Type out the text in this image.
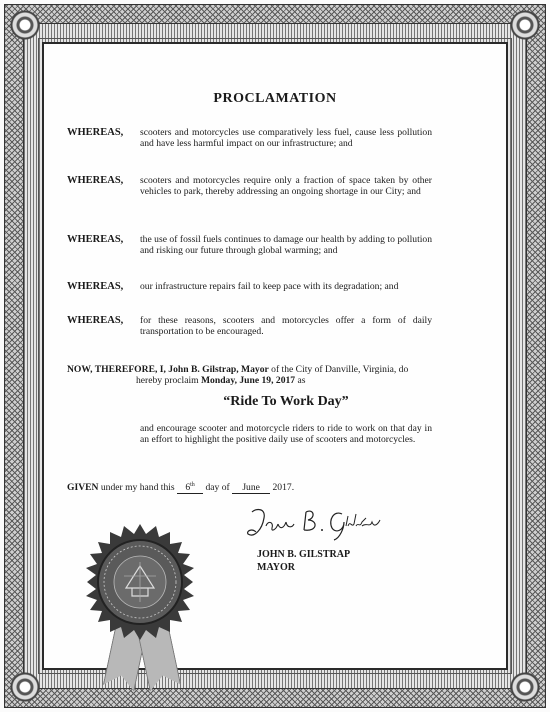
PROCLAMATION
WHEREAS, scooters and motorcycles use comparatively less fuel, cause less pollution and have less harmful impact on our infrastructure; and
WHEREAS, scooters and motorcycles require only a fraction of space taken by other vehicles to park, thereby addressing an ongoing shortage in our City; and
WHEREAS, the use of fossil fuels continues to damage our health by adding to pollution and risking our future through global warming; and
WHEREAS, our infrastructure repairs fail to keep pace with its degradation; and
WHEREAS, for these reasons, scooters and motorcycles offer a form of daily transportation to be encouraged.
NOW, THEREFORE, I, John B. Gilstrap, Mayor of the City of Danville, Virginia, do
hereby proclaim Monday, June 19, 2017 as
“Ride To Work Day”
and encourage scooter and motorcycle riders to ride to work on that day in an effort to highlight the positive daily use of scooters and motorcycles.
GIVEN under my hand this 6th day of June 2017.
JOHN B. GILSTRAP
MAYOR
